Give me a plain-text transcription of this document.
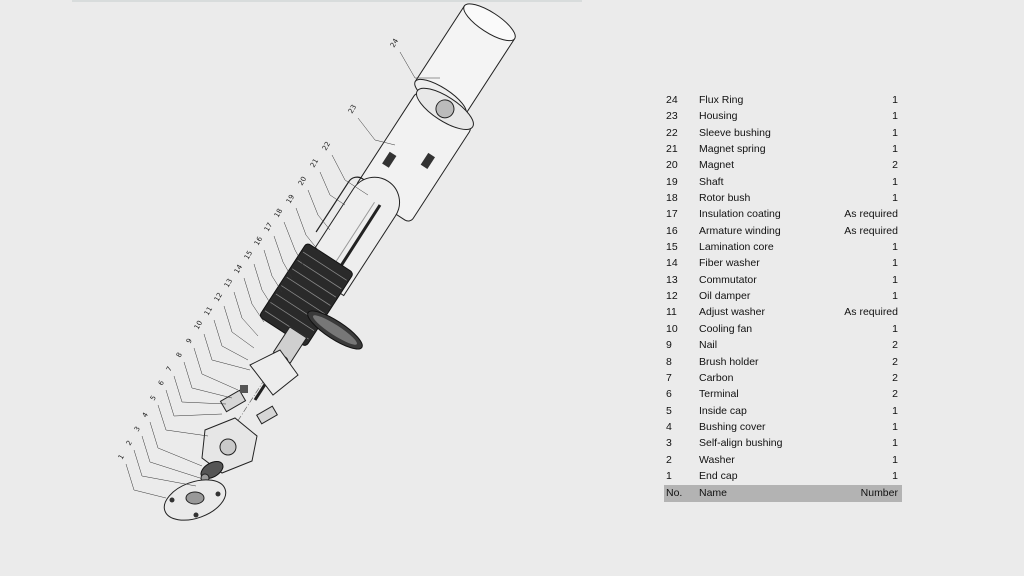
24
23
22
21
20
19
18
17
16
15
14
13
12
11
10
9
8
7
6
5
4
3
2
1
24 Flux Ring	1
23 Housing	1
22 Sleeve bushing	1
21 Magnet spring	1
20 Magnet	2
19 Shaft	1
18 Rotor bush	1
17 Insulation coating	As required
16 Armature winding	As required
15 Lamination core	1
14 Fiber washer	1
13 Commutator	1
12 Oil damper	1
11 Adjust washer	As required
10 Cooling fan	1
9	Nail	2
8	Brush holder	2
7	Carbon	2
6	Terminal	2
5	Inside cap	1
4	Bushing cover	1
3	Self-align bushing	1
2	Washer	1
1	End cap	1
No. Name	Number
